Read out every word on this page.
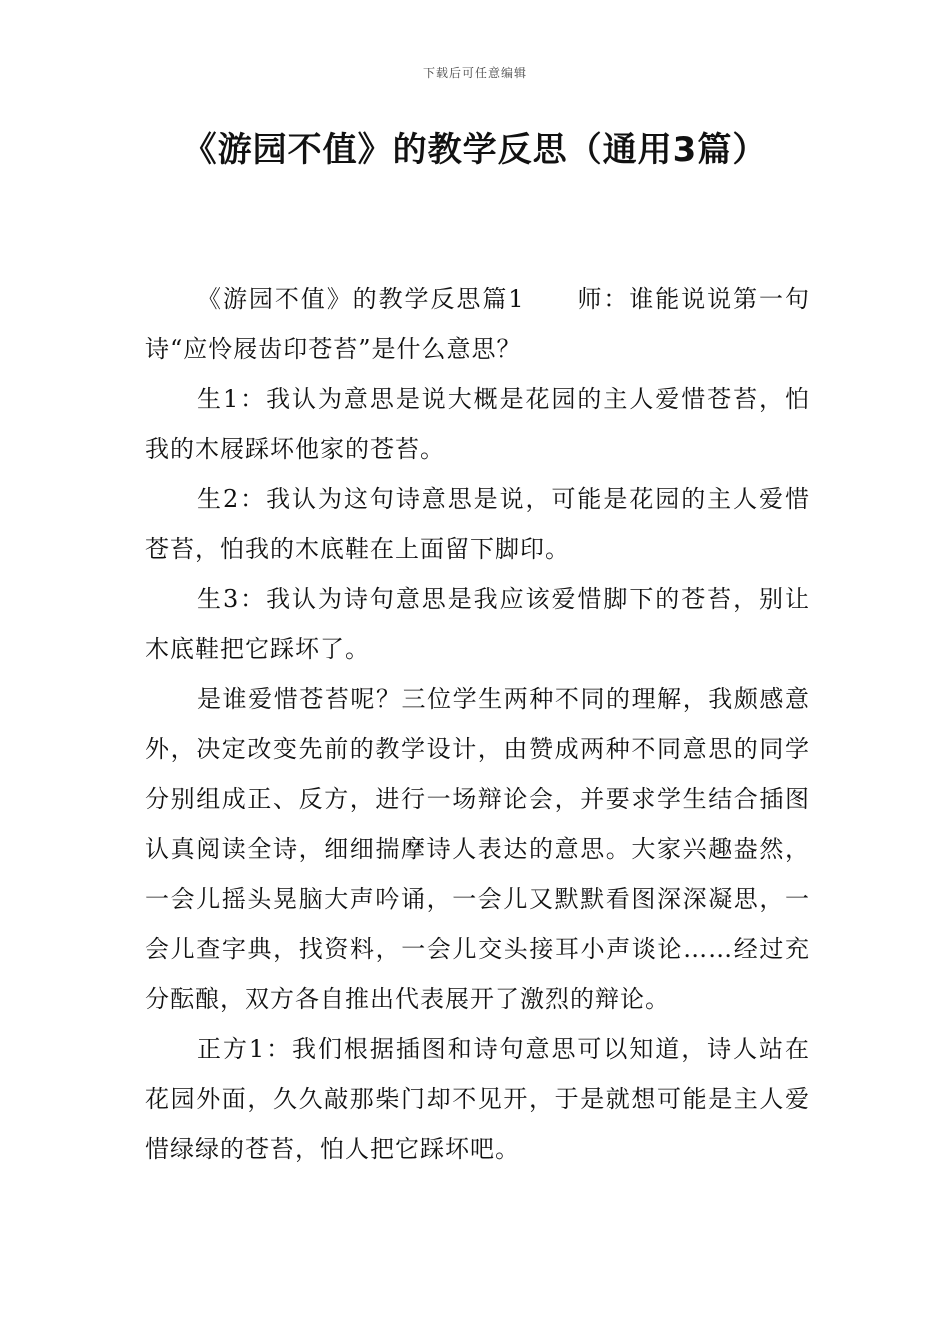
下载后可任意编辑
《游园不值》的教学反思（通用3篇）

《游园不值》的教学反思篇1 师：谁能说说第一句诗“应怜屐齿印苍苔”是什么意思？

生1：我认为意思是说大概是花园的主人爱惜苍苔，怕我的木屐踩坏他家的苍苔。

生2：我认为这句诗意思是说，可能是花园的主人爱惜苍苔，怕我的木底鞋在上面留下脚印。

生3：我认为诗句意思是我应该爱惜脚下的苍苔，别让木底鞋把它踩坏了。

是谁爱惜苍苔呢？三位学生两种不同的理解，我颇感意外，决定改变先前的教学设计，由赞成两种不同意思的同学分别组成正、反方，进行一场辩论会，并要求学生结合插图认真阅读全诗，细细揣摩诗人表达的意思。大家兴趣盎然，一会儿摇头晃脑大声吟诵，一会儿又默默看图深深凝思，一会儿查字典，找资料，一会儿交头接耳小声谈论……经过充分酝酿，双方各自推出代表展开了激烈的辩论。

正方1：我们根据插图和诗句意思可以知道，诗人站在花园外面，久久敲那柴门却不见开，于是就想可能是主人爱惜绿绿的苍苔，怕人把它踩坏吧。
